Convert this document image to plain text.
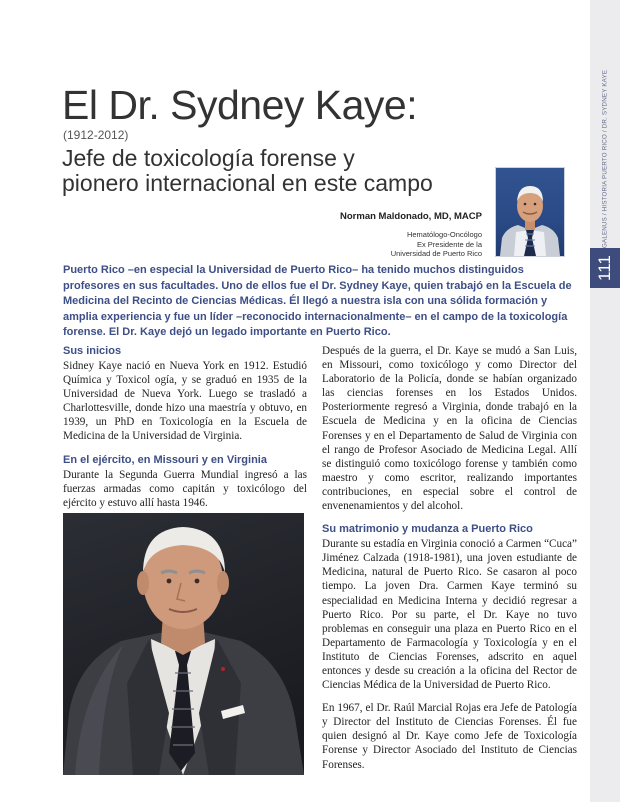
GALENUS / HISTORIA PUERTO RICO / DR. SYDNEY KAYE
111
El Dr. Sydney Kaye:
(1912-2012)
Jefe de toxicología forense y
pionero internacional en este campo
Norman Maldonado, MD, MACP
Hematólogo-Oncólogo
Ex Presidente de la
Universidad de Puerto Rico

Puerto Rico –en especial la Universidad de Puerto Rico– ha tenido muchos distinguidos profesores en sus facultades. Uno de ellos fue el Dr. Sydney Kaye, quien trabajó en la Escuela de Medicina del Recinto de Ciencias Médicas. Él llegó a nuestra isla con una sólida formación y amplia experiencia y fue un líder –reconocido internacionalmente– en el campo de la toxicología forense. El Dr. Kaye dejó un legado importante en Puerto Rico.

Sus inicios

Sidney Kaye nació en Nueva York en 1912. Estudió Química y Toxicol ogía, y se graduó en 1935 de la Universidad de Nueva York. Luego se trasladó a Charlottesville, donde hizo una maestría y obtuvo, en 1939, un PhD en Toxicología en la Escuela de Medicina de la Universidad de Virginia.

En el ejército, en Missouri y en Virginia

Durante la Segunda Guerra Mundial ingresó a las fuerzas armadas como capitán y toxicólogo del ejército y estuvo allí hasta 1946.

Después de la guerra, el Dr. Kaye se mudó a San Luis, en Missouri, como toxicólogo y como Director del Laboratorio de la Policía, donde se habían organizado las ciencias forenses en los Estados Unidos. Posteriormente regresó a Virginia, donde trabajó en la Escuela de Medicina y en la oficina de Ciencias Forenses y en el Departamento de Salud de Virginia con el rango de Profesor Asociado de Medicina Legal. Allí se distinguió como toxicólogo forense y también como maestro y como escritor, realizando importantes contribuciones, en especial sobre el control de envenenamientos y del alcohol.

Su matrimonio y mudanza a Puerto Rico

Durante su estadía en Virginia conoció a Carmen “Cuca” Jiménez Calzada (1918-1981), una joven estudiante de Medicina, natural de Puerto Rico. Se casaron al poco tiempo. La joven Dra. Carmen Kaye terminó su especialidad en Medicina Interna y decidió regresar a Puerto Rico. Por su parte, el Dr. Kaye no tuvo problemas en conseguir una plaza en Puerto Rico en el Departamento de Farmacología y Toxicología y en el Instituto de Ciencias Forenses, adscrito en aquel entonces y desde su creación a la oficina del Rector de Ciencias Médica de la Universidad de Puerto Rico.

En 1967, el Dr. Raúl Marcial Rojas era Jefe de Patología y Director del Instituto de Ciencias Forenses. Él fue quien designó al Dr. Kaye como Jefe de Toxicología Forense y Director Asociado del Instituto de Ciencias Forenses.
